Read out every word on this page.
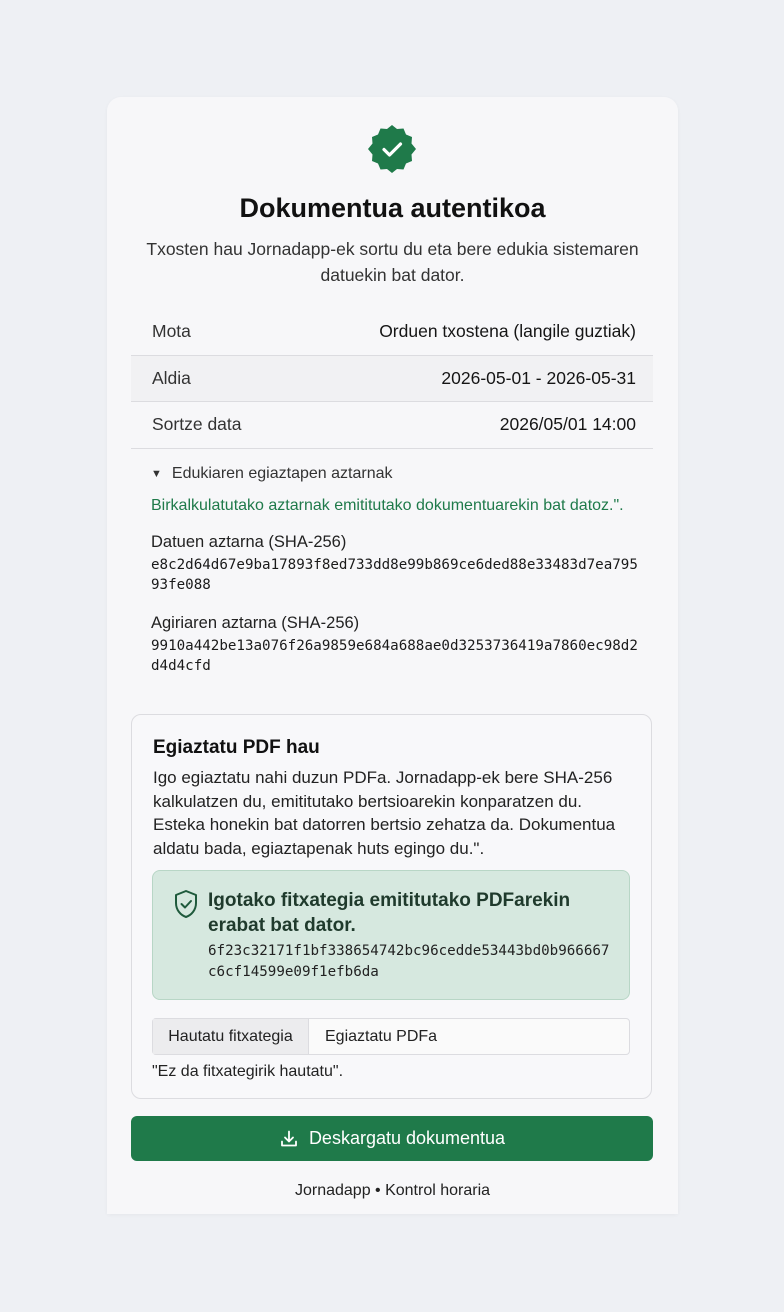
Dokumentua autentikoa
Txosten hau Jornadapp-ek sortu du eta bere edukia sistemaren datuekin bat dator.
Mota	Orduen txostena (langile guztiak)
Aldia	2026-05-01 - 2026-05-31
Sortze data	2026/05/01 14:00
▼ Edukiaren egiaztapen aztarnak
Birkalkulatutako aztarnak emititutako dokumentuarekin bat datoz.".
Datuen aztarna (SHA-256)
e8c2d64d67e9ba17893f8ed733dd8e99b869ce6ded88e33483d7ea79593fe088
Agiriaren aztarna (SHA-256)
9910a442be13a076f26a9859e684a688ae0d3253736419a7860ec98d2d4d4cfd
Egiaztatu PDF hau
Igo egiaztatu nahi duzun PDFa. Jornadapp-ek bere SHA-256 kalkulatzen du, emititutako bertsioarekin konparatzen du. Esteka honekin bat datorren bertsio zehatza da. Dokumentua aldatu bada, egiaztapenak huts egingo du.".
Igotako fitxategia emititutako PDFarekin erabat bat dator.
6f23c32171f1bf338654742bc96cedde53443bd0b966667c6cf14599e09f1efb6da
Hautatu fitxategia	Egiaztatu PDFa
"Ez da fitxategirik hautatu".
Deskargatu dokumentua
Jornadapp • Kontrol horaria
